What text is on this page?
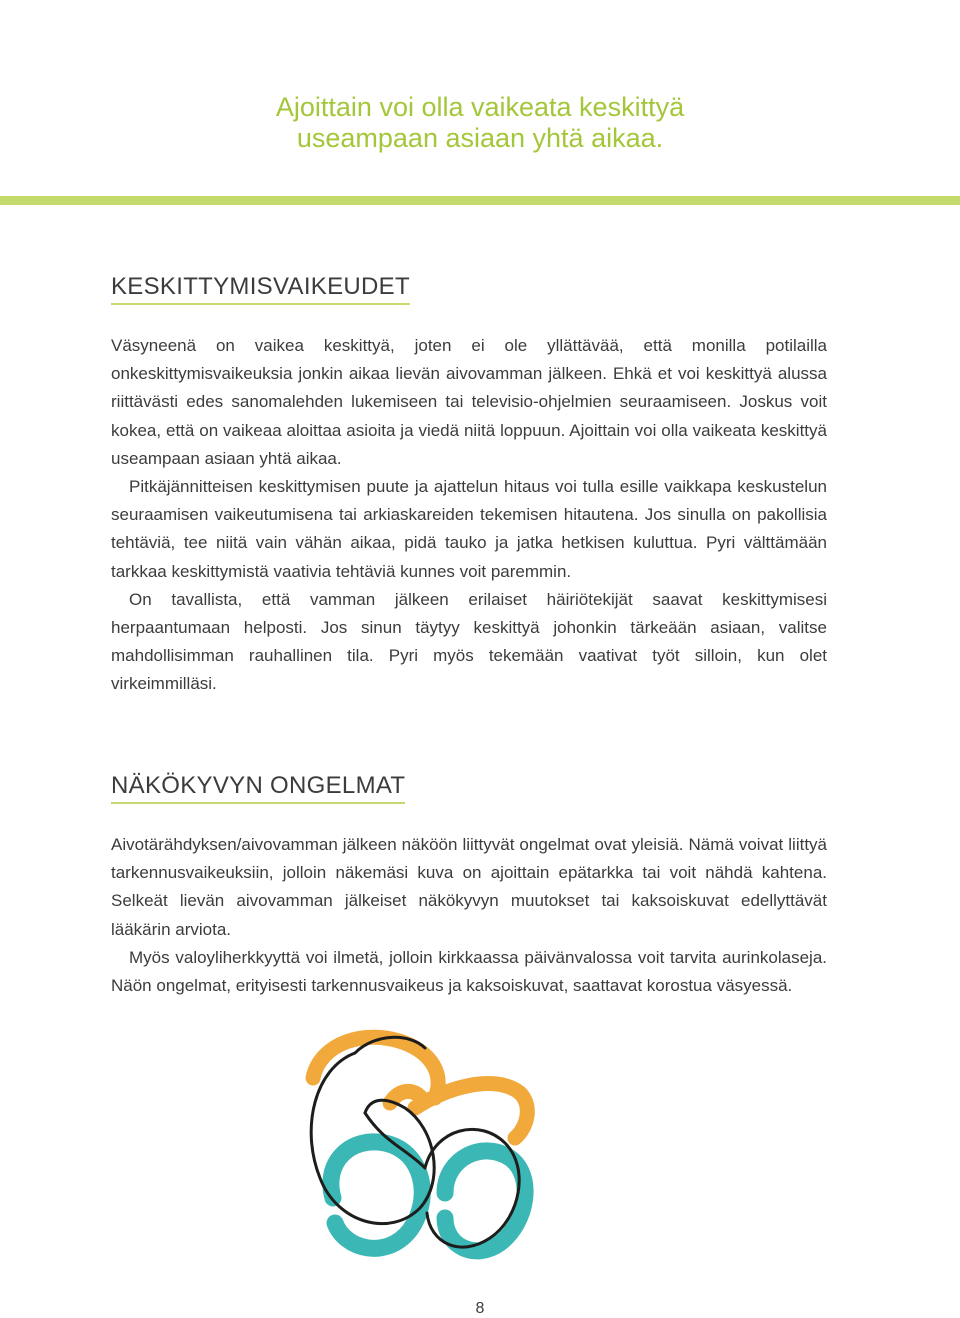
Ajoittain voi olla vaikeata keskittyä
useampaan asiaan yhtä aikaa.
KESKITTYMISVAIKEUDET

Väsyneenä on vaikea keskittyä, joten ei ole yllättävää, että monilla potilailla onkeskittymisvaikeuksia jonkin aikaa lievän aivovamman jälkeen. Ehkä et voi keskittyä alussa riittävästi edes sanomalehden lukemiseen tai televisio-ohjelmien seuraamiseen. Joskus voit kokea, että on vaikeaa aloittaa asioita ja viedä niitä loppuun. Ajoittain voi olla vaikeata keskittyä useampaan asiaan yhtä aikaa.

Pitkäjännitteisen keskittymisen puute ja ajattelun hitaus voi tulla esille vaikkapa keskustelun seuraamisen vaikeutumisena tai arkiaskareiden tekemisen hitautena. Jos sinulla on pakollisia tehtäviä, tee niitä vain vähän aikaa, pidä tauko ja jatka hetkisen kuluttua. Pyri välttämään tarkkaa keskittymistä vaativia tehtäviä kunnes voit paremmin.

On tavallista, että vamman jälkeen erilaiset häiriötekijät saavat keskittymisesi herpaantumaan helposti. Jos sinun täytyy keskittyä johonkin tärkeään asiaan, valitse mahdollisimman rauhallinen tila. Pyri myös tekemään vaativat työt silloin, kun olet virkeimmilläsi.

NÄKÖKYVYN ONGELMAT

Aivotärähdyksen/aivovamman jälkeen näköön liittyvät ongelmat ovat yleisiä. Nämä voivat liittyä tarkennusvaikeuksiin, jolloin näkemäsi kuva on ajoittain epätarkka tai voit nähdä kahtena. Selkeät lievän aivovamman jälkeiset näkökyvyn muutokset tai kaksoiskuvat edellyttävät lääkärin arviota.

Myös valoyliherkkyyttä voi ilmetä, jolloin kirkkaassa päivänvalossa voit tarvita aurinkolaseja. Näön ongelmat, erityisesti tarkennusvaikeus ja kaksoiskuvat, saattavat korostua väsyessä.

8
